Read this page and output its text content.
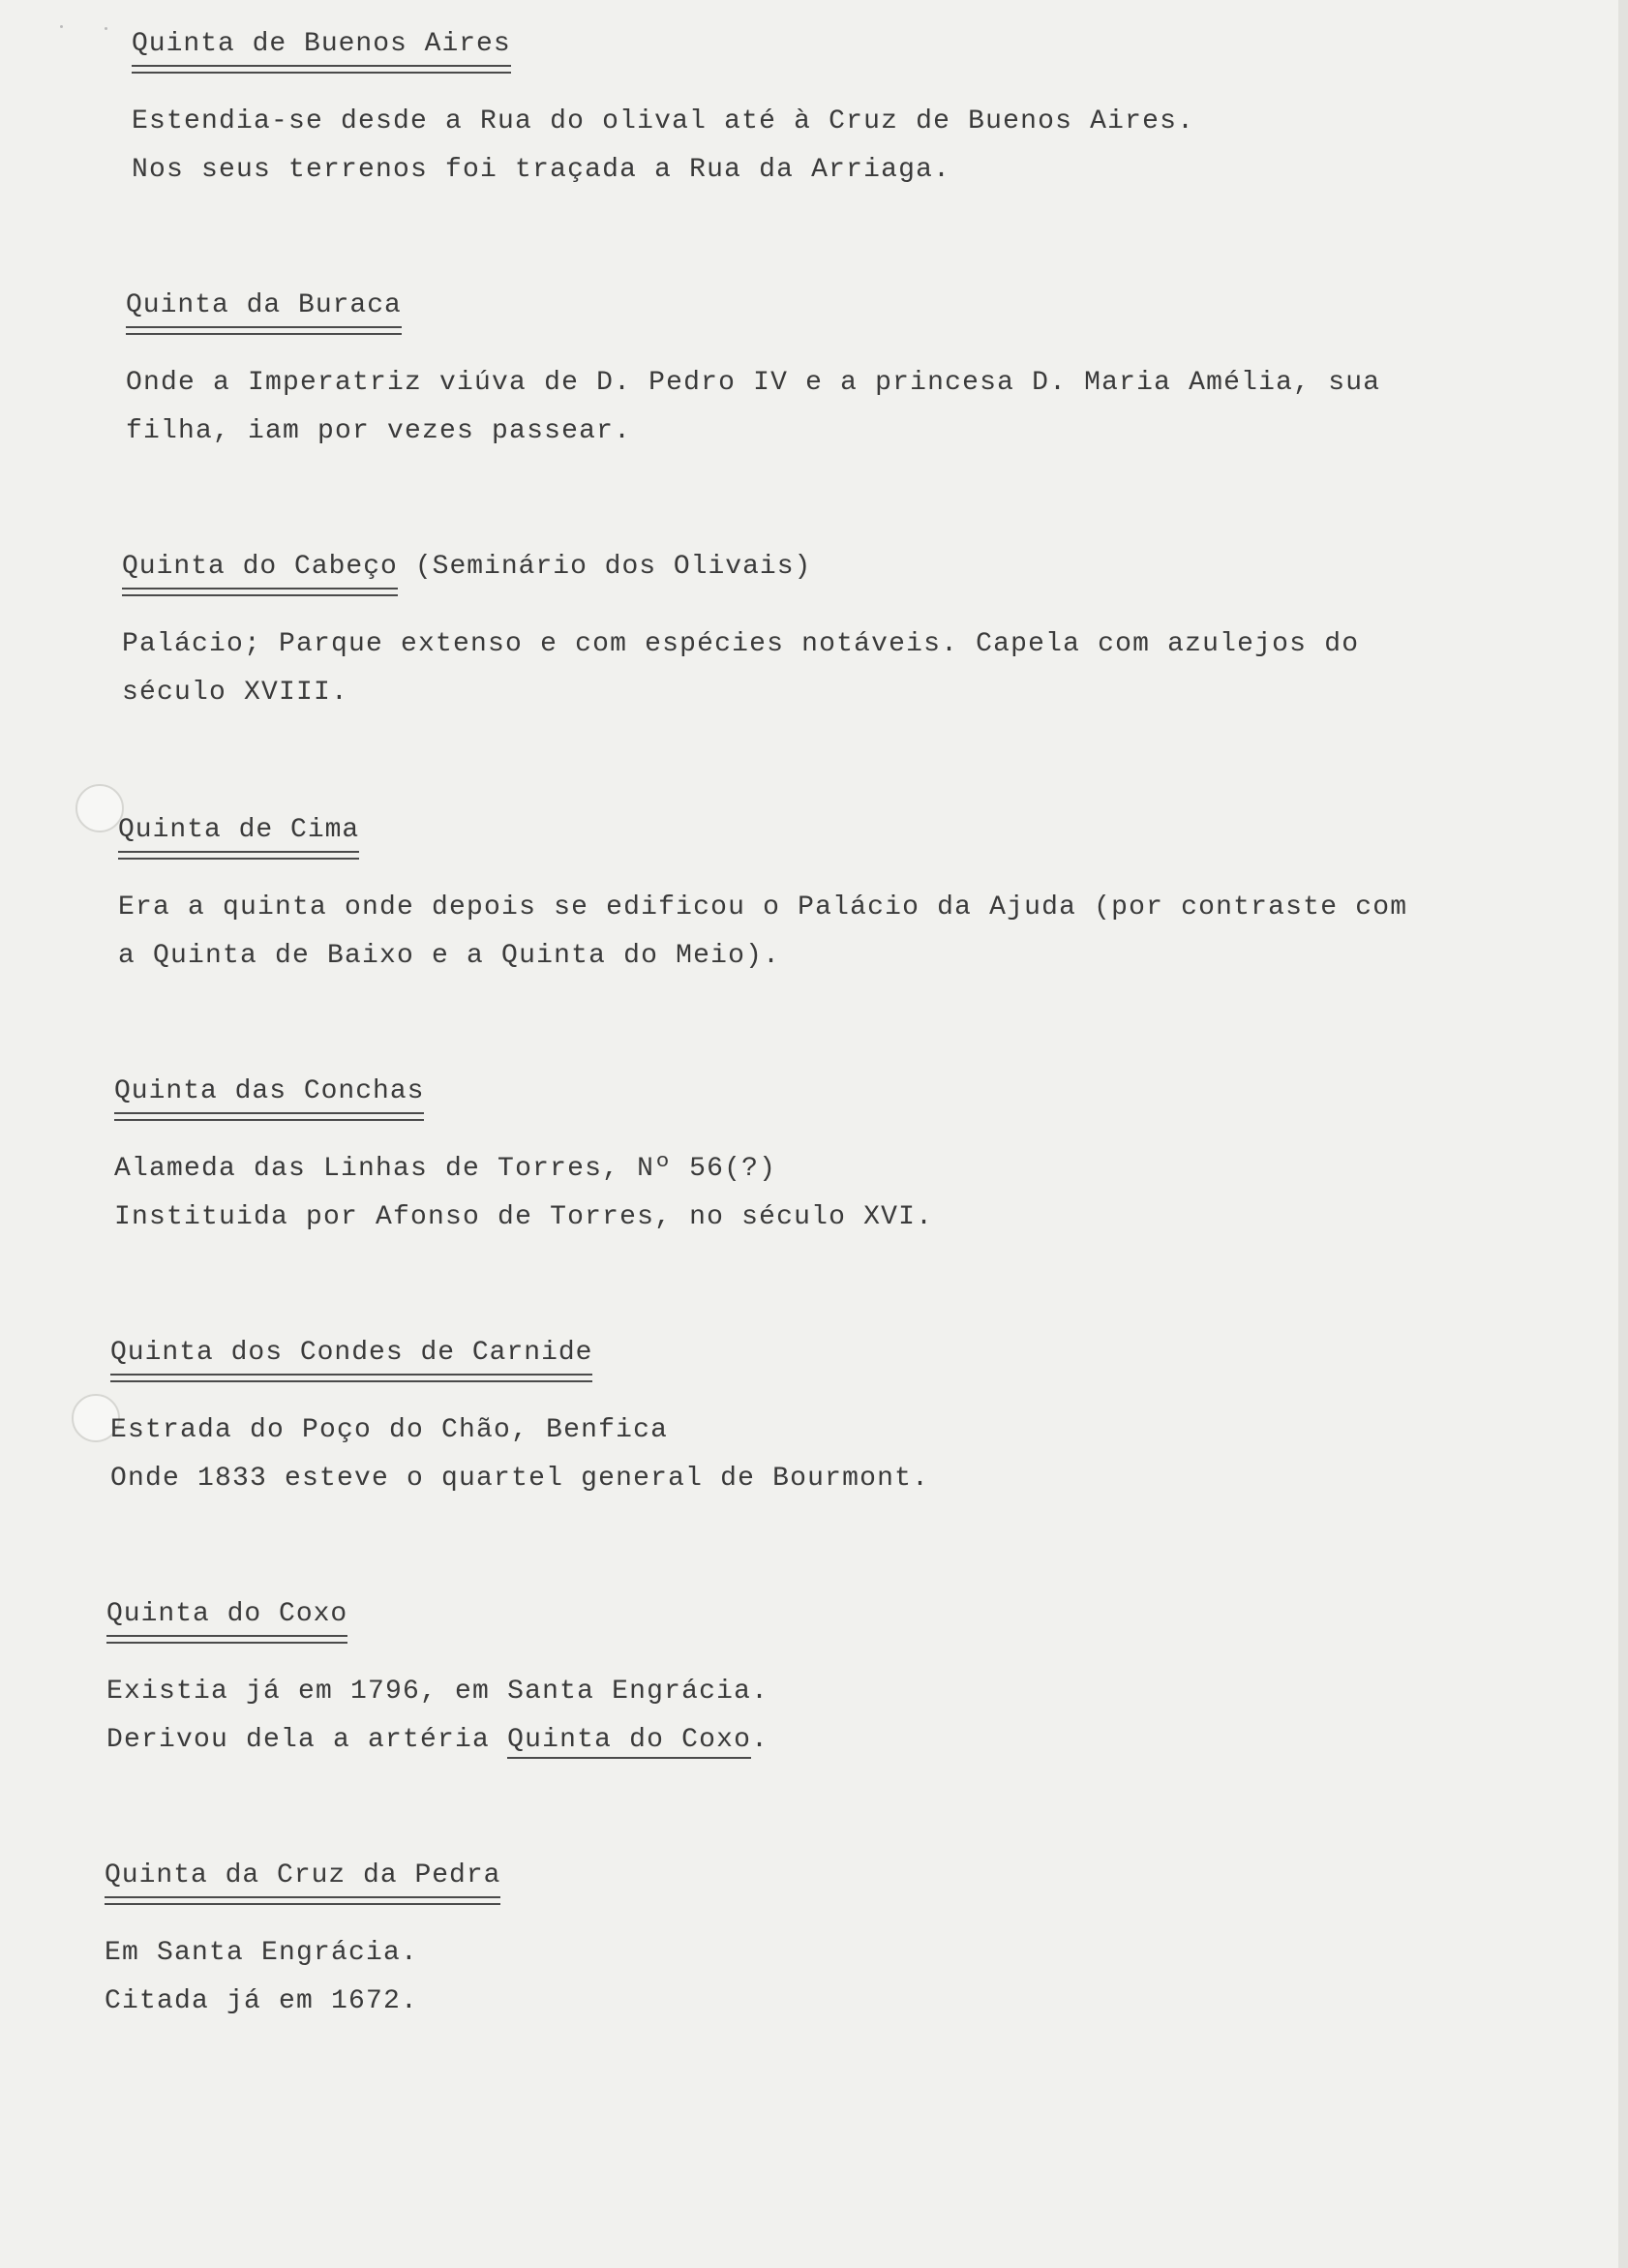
Quinta de Buenos Aires
Estendia-se desde a Rua do olival até à Cruz de Buenos Aires.
Nos seus terrenos foi traçada a Rua da Arriaga.
Quinta da Buraca
Onde a Imperatriz viúva de D. Pedro IV e a princesa D. Maria Amélia, sua
filha, iam por vezes passear.
Quinta do Cabeço (Seminário dos Olivais)
Palácio; Parque extenso e com espécies notáveis. Capela com azulejos do
século XVIII.
Quinta de Cima
Era a quinta onde depois se edificou o Palácio da Ajuda (por contraste com
a Quinta de Baixo e a Quinta do Meio).
Quinta das Conchas
Alameda das Linhas de Torres, Nº 56(?)
Instituida por Afonso de Torres, no século XVI.
Quinta dos Condes de Carnide
Estrada do Poço do Chão, Benfica
Onde 1833 esteve o quartel general de Bourmont.
Quinta do Coxo
Existia já em 1796, em Santa Engrácia.
Derivou dela a artéria Quinta do Coxo.
Quinta da Cruz da Pedra
Em Santa Engrácia.
Citada já em 1672.
